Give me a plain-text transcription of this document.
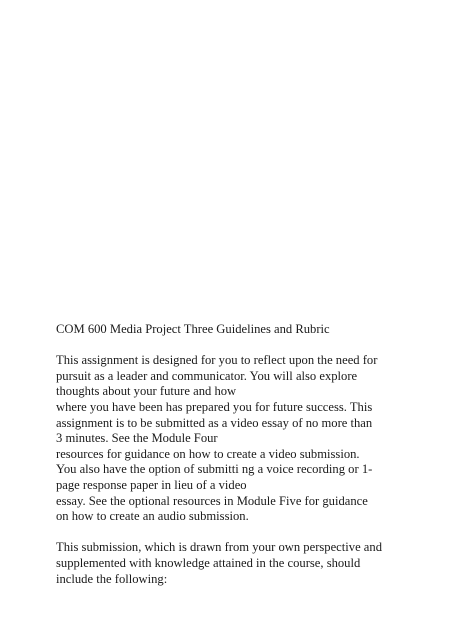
COM 600 Media Project Three Guidelines and Rubric
This assignment is designed for you to reflect upon the need for
pursuit as a leader and communicator. You will also explore
thoughts about your future and how
where you have been has prepared you for future success. This
assignment is to be submitted as a video essay of no more than
3 minutes. See the Module Four
resources for guidance on how to create a video submission.
You also have the option of submitti ng a voice recording or 1-
page response paper in lieu of a video
essay. See the optional resources in Module Five for guidance
on how to create an audio submission.
This submission, which is drawn from your own perspective and
supplemented with knowledge attained in the course, should
include the following:
